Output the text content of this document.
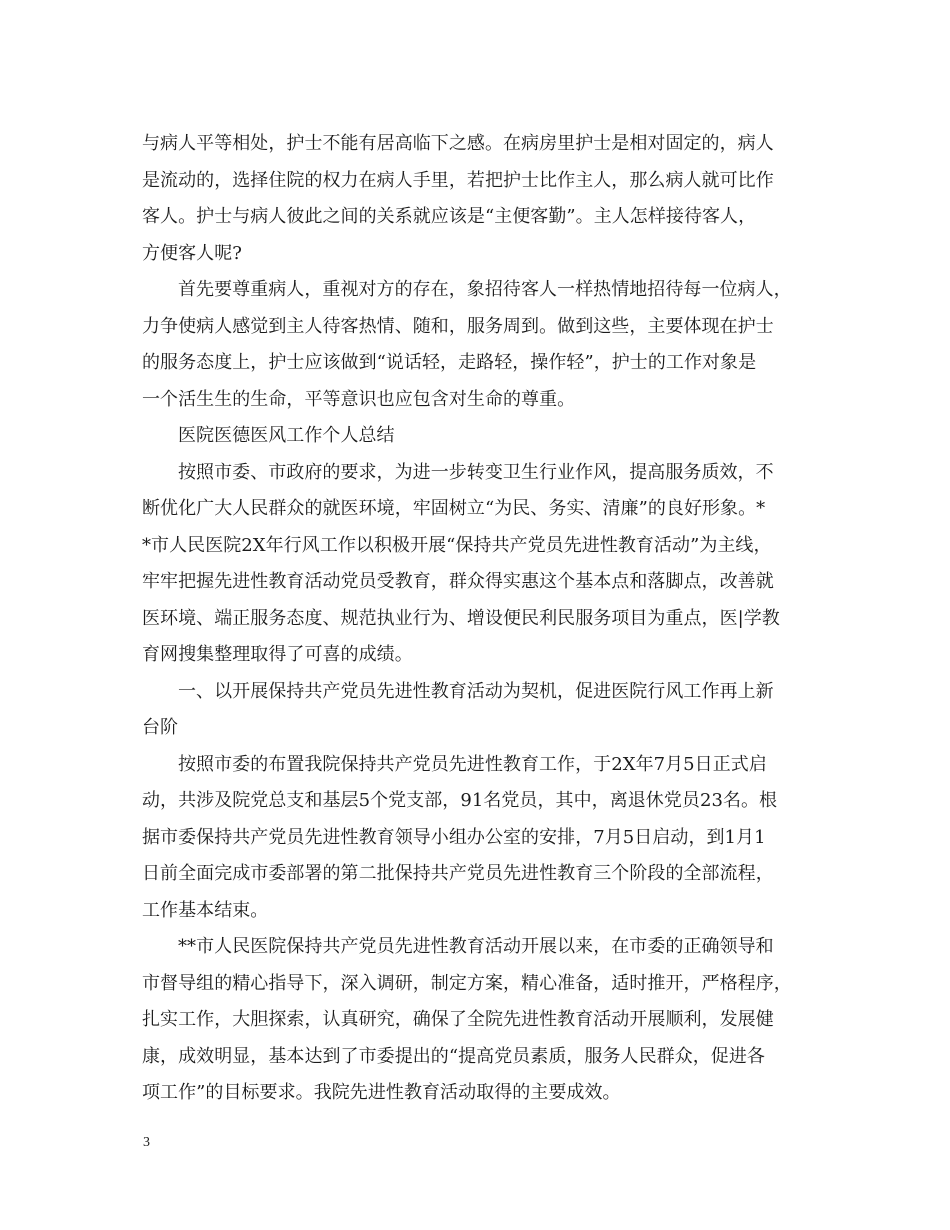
与病人平等相处，护士不能有居高临下之感。在病房里护士是相对固定的，病人
是流动的，选择住院的权力在病人手里，若把护士比作主人，那么病人就可比作
客人。护士与病人彼此之间的关系就应该是“主便客勤”。主人怎样接待客人，
方便客人呢?
首先要尊重病人，重视对方的存在，象招待客人一样热情地招待每一位病人，
力争使病人感觉到主人待客热情、随和，服务周到。做到这些，主要体现在护士
的服务态度上，护士应该做到“说话轻，走路轻，操作轻”，护士的工作对象是
一个活生生的生命，平等意识也应包含对生命的尊重。
医院医德医风工作个人总结
按照市委、市政府的要求，为进一步转变卫生行业作风，提高服务质效，不
断优化广大人民群众的就医环境，牢固树立“为民、务实、清廉”的良好形象。*
*市人民医院2X年行风工作以积极开展“保持共产党员先进性教育活动”为主线，
牢牢把握先进性教育活动党员受教育，群众得实惠这个基本点和落脚点，改善就
医环境、端正服务态度、规范执业行为、增设便民利民服务项目为重点，医|学教
育网搜集整理取得了可喜的成绩。
一、以开展保持共产党员先进性教育活动为契机，促进医院行风工作再上新
台阶
按照市委的布置我院保持共产党员先进性教育工作，于2X年7月5日正式启
动，共涉及院党总支和基层5个党支部，91名党员，其中，离退休党员23名。根
据市委保持共产党员先进性教育领导小组办公室的安排，7月5日启动，到1月1
日前全面完成市委部署的第二批保持共产党员先进性教育三个阶段的全部流程，
工作基本结束。
**市人民医院保持共产党员先进性教育活动开展以来，在市委的正确领导和
市督导组的精心指导下，深入调研，制定方案，精心准备，适时推开，严格程序，
扎实工作，大胆探索，认真研究，确保了全院先进性教育活动开展顺利，发展健
康，成效明显，基本达到了市委提出的“提高党员素质，服务人民群众，促进各
项工作”的目标要求。我院先进性教育活动取得的主要成效。
3
